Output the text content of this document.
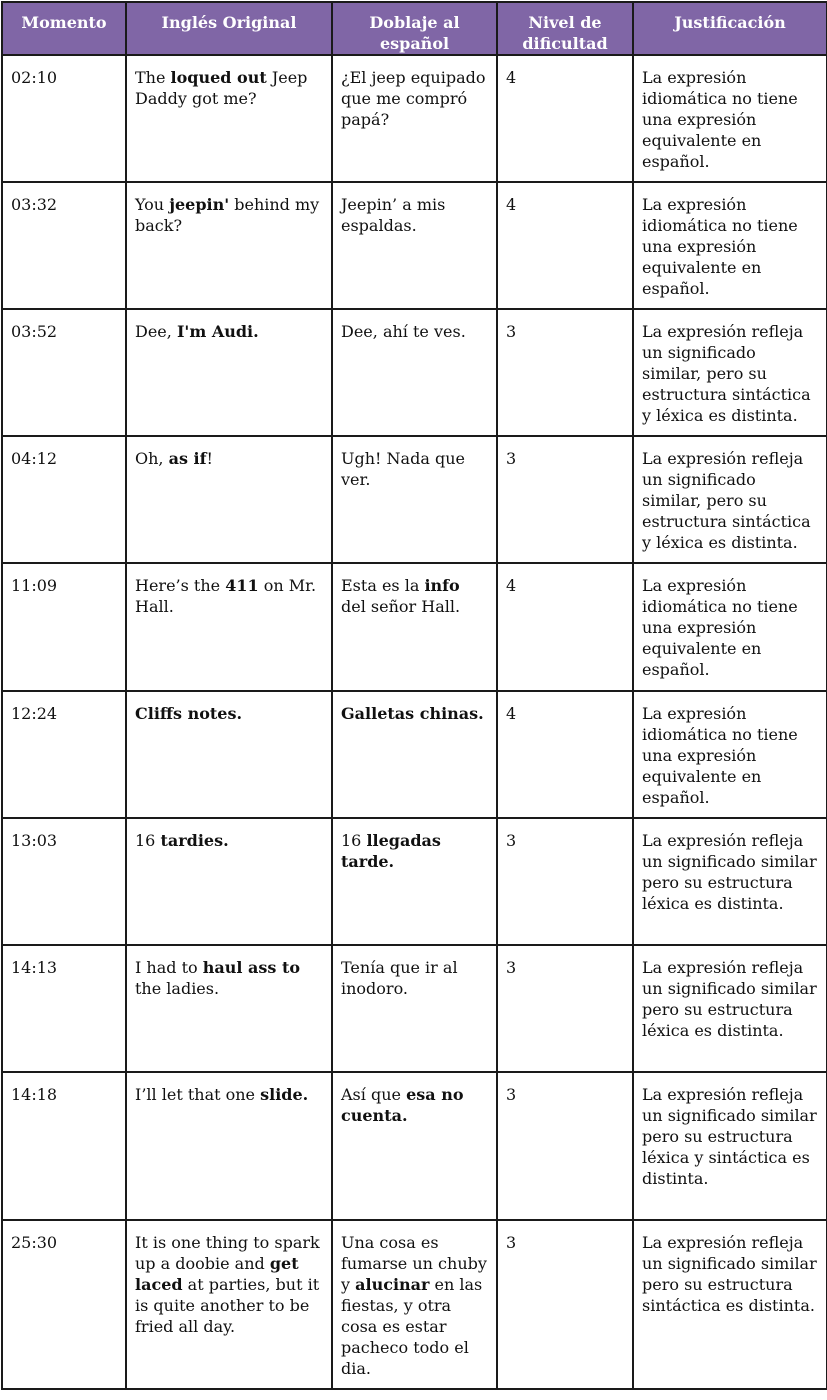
Momento	Inglés Original	Doblaje al español	Nivel de dificultad	Justificación
02:10	The loqued out Jeep Daddy got me?	¿El jeep equipado que me compró papá?	4	La expresión idiomática no tiene una expresión equivalente en español.
03:32	You jeepin' behind my back?	Jeepin’ a mis espaldas.	4	La expresión idiomática no tiene una expresión equivalente en español.
03:52	Dee, I'm Audi.	Dee, ahí te ves.	3	La expresión refleja un significado similar, pero su estructura sintáctica y léxica es distinta.
04:12	Oh, as if!	Ugh! Nada que ver.	3	La expresión refleja un significado similar, pero su estructura sintáctica y léxica es distinta.
11:09	Here’s the 411 on Mr. Hall.	Esta es la info del señor Hall.	4	La expresión idiomática no tiene una expresión equivalente en español.
12:24	Cliffs notes.	Galletas chinas.	4	La expresión idiomática no tiene una expresión equivalente en español.
13:03	16 tardies.	16 llegadas tarde.	3	La expresión refleja un significado similar pero su estructura léxica es distinta.
14:13	I had to haul ass to the ladies.	Tenía que ir al inodoro.	3	La expresión refleja un significado similar pero su estructura léxica es distinta.
14:18	I’ll let that one slide.	Así que esa no cuenta.	3	La expresión refleja un significado similar pero su estructura léxica y sintáctica es distinta.
25:30	It is one thing to spark up a doobie and get laced at parties, but it is quite another to be fried all day.	Una cosa es fumarse un chuby y alucinar en las fiestas, y otra cosa es estar pacheco todo el dia.	3	La expresión refleja un significado similar pero su estructura sintáctica es distinta.
